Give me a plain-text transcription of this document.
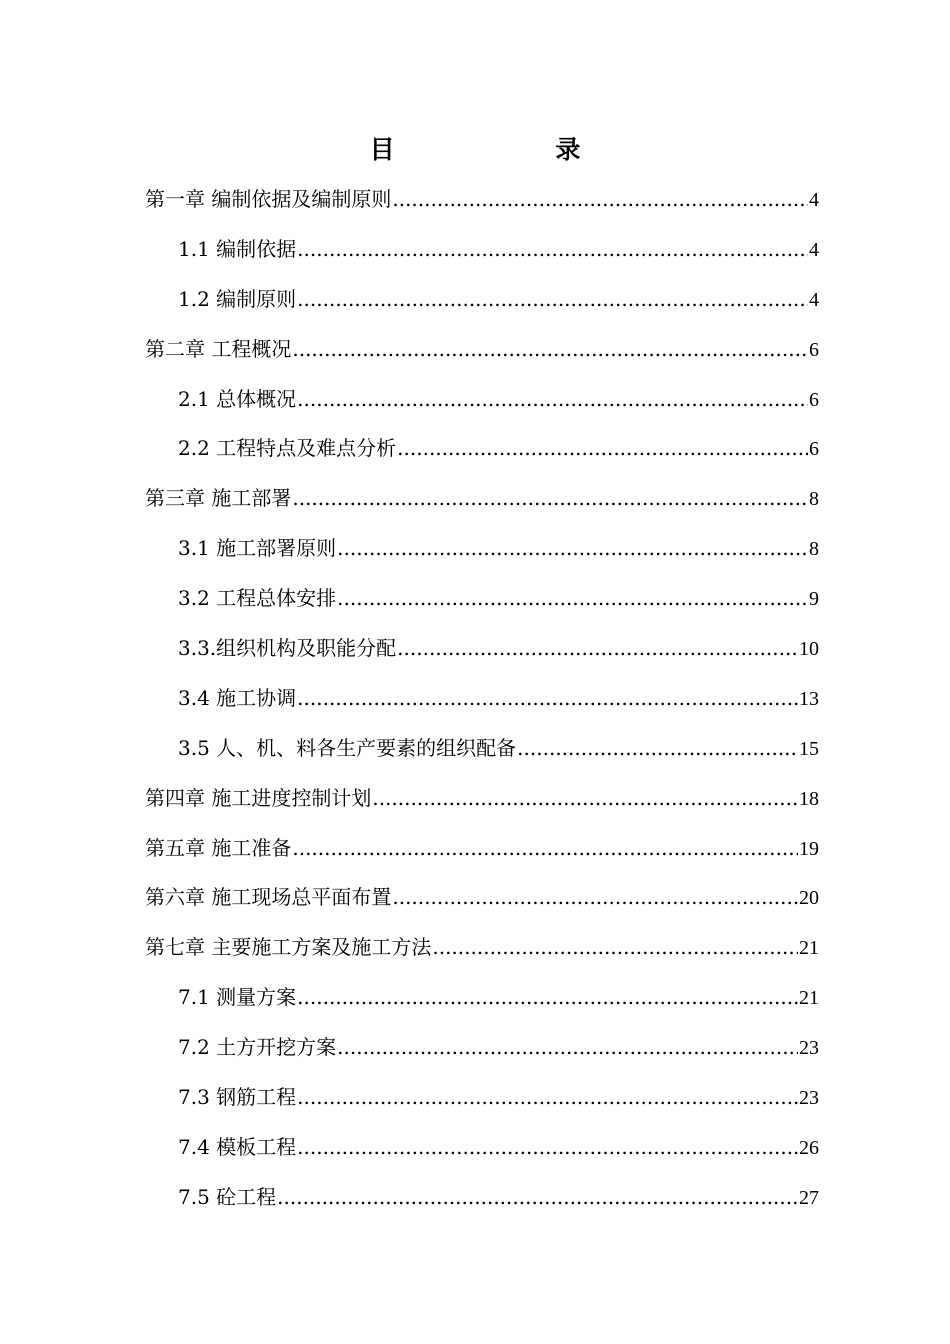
目 录
第一章 编制依据及编制原则 .....	4
1.1 编制依据 .....	4
1.2 编制原则 .....	4
第二章 工程概况 .....	6
2.1 总体概况 .....	6
2.2 工程特点及难点分析 .....	6
第三章 施工部署 .....	8
3.1 施工部署原则 .....	8
3.2 工程总体安排 .....	9
3.3.组织机构及职能分配 .....	10
3.4 施工协调 .....	13
3.5 人、机、料各生产要素的组织配备 .....	15
第四章 施工进度控制计划 .....	18
第五章 施工准备 .....	19
第六章 施工现场总平面布置 .....	20
第七章 主要施工方案及施工方法 .....	21
7.1 测量方案 .....	21
7.2 土方开挖方案 .....	23
7.3 钢筋工程 .....	23
7.4 模板工程 .....	26
7.5 砼工程 .....	27
